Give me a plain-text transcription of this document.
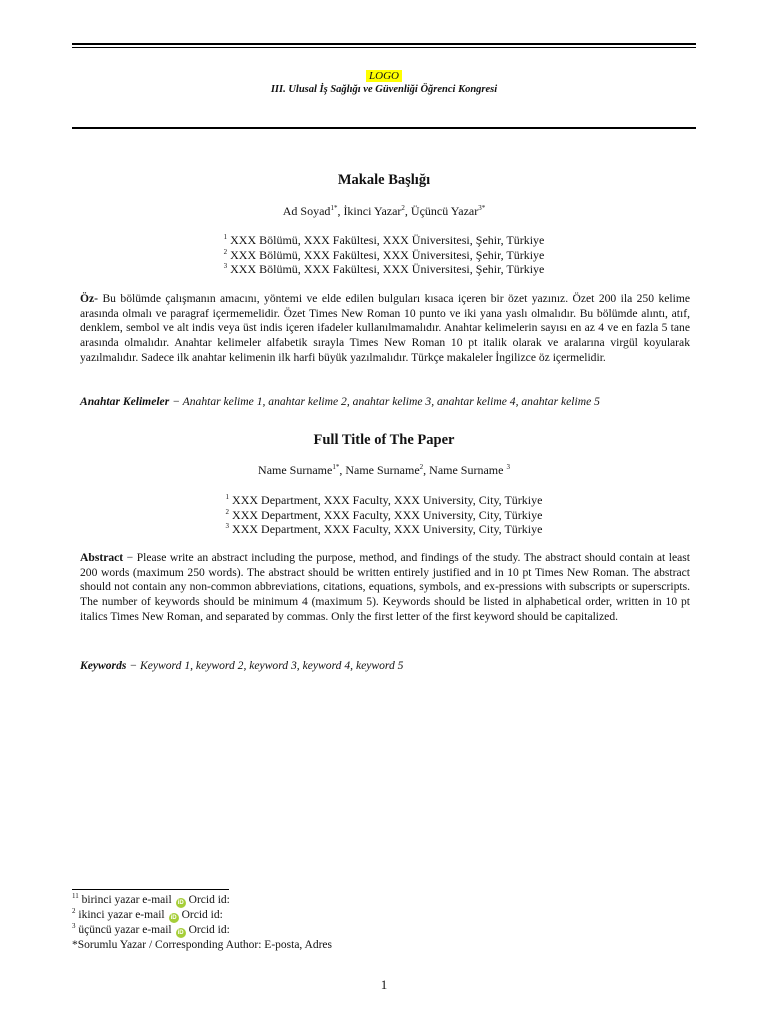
LOGO
III. Ulusal İş Sağlığı ve Güvenliği Öğrenci Kongresi
Makale Başlığı
Ad Soyad$^{1*}$, İkinci Yazar$^2$, Üçüncü Yazar$^{3*}$
$^1$ XXX Bölümü, XXX Fakültesi, XXX Üniversitesi, Şehir, Türkiye
$^2$ XXX Bölümü, XXX Fakültesi, XXX Üniversitesi, Şehir, Türkiye
$^3$ XXX Bölümü, XXX Fakültesi, XXX Üniversitesi, Şehir, Türkiye
Öz- Bu bölümde çalışmanın amacını, yöntemi ve elde edilen bulguları kısaca içeren bir özet yazınız. Özet 200 ila 250 kelime arasında olmalı ve paragraf içermemelidir. Özet Times New Roman 10 punto ve iki yana yaslı olmalıdır. Bu bölümde alıntı, atıf, denklem, sembol ve alt indis veya üst indis içeren ifadeler kullanılmamalıdır. Anahtar kelimelerin sayısı en az 4 ve en fazla 5 tane arasında olmalıdır. Anahtar kelimeler alfabetik sırayla Times New Roman 10 pt italik olarak ve aralarına virgül koyularak yazılmalıdır. Sadece ilk anahtar kelimenin ilk harfi büyük yazılmalıdır. Türkçe makaleler İngilizce öz içermelidir.
Anahtar Kelimeler − Anahtar kelime 1, anahtar kelime 2, anahtar kelime 3, anahtar kelime 4, anahtar kelime 5
Full Title of The Paper
Name Surname$^{1*}$, Name Surname$^2$, Name Surname $^3$
$^1$ XXX Department, XXX Faculty, XXX University, City, Türkiye
$^2$ XXX Department, XXX Faculty, XXX University, City, Türkiye
$^3$ XXX Department, XXX Faculty, XXX University, City, Türkiye
Abstract − Please write an abstract including the purpose, method, and findings of the study. The abstract should contain at least 200 words (maximum 250 words). The abstract should be written entirely justified and in 10 pt Times New Roman. The abstract should not contain any non-common abbreviations, citations, equations, symbols, and ex-pressions with subscripts or superscripts. The number of keywords should be minimum 4 (maximum 5). Keywords should be listed in alphabetical order, written in 10 pt italics Times New Roman, and separated by commas. Only the first letter of the first keyword should be capitalized.
Keywords − Keyword 1, keyword 2, keyword 3, keyword 4, keyword 5
$^{11}$ birinci yazar e-mail iD Orcid id:
$^2$ ikinci yazar e-mail iD Orcid id:
$^3$ üçüncü yazar e-mail iD Orcid id:
*Sorumlu Yazar / Corresponding Author: E-posta, Adres
1
